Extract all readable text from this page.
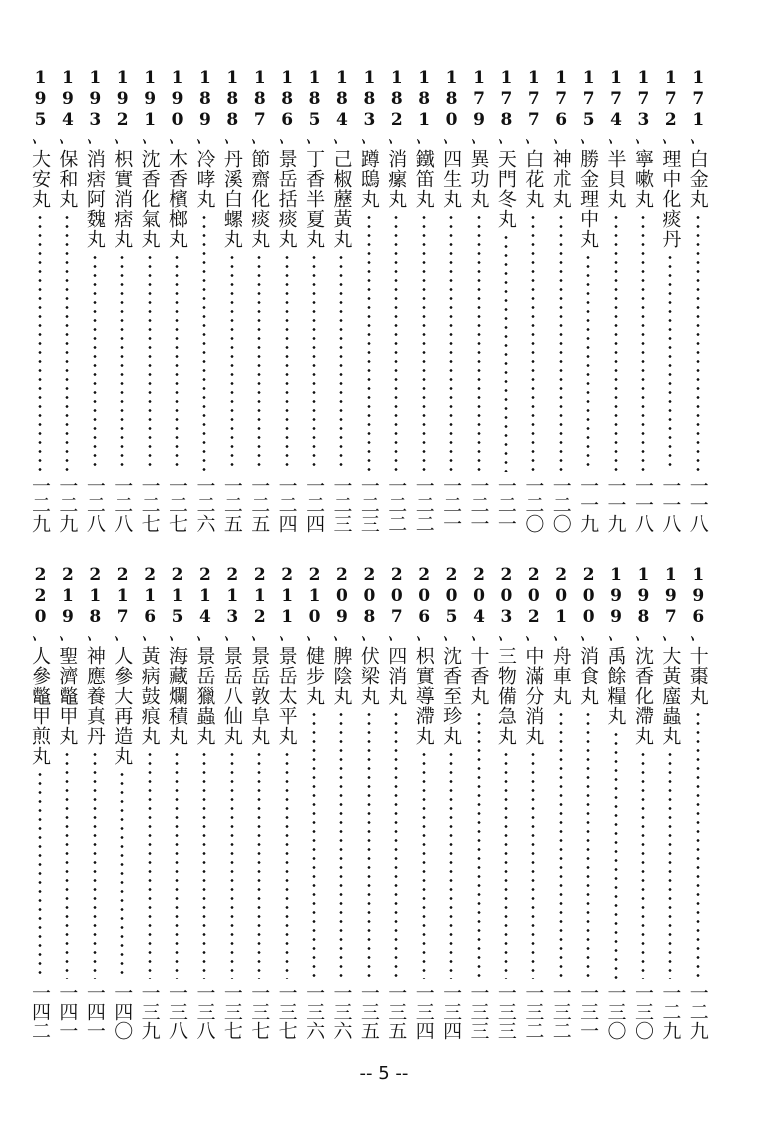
195
、
大安丸
一二九
194
、
保和丸
一二九
193
、
消痞阿魏丸
一二八
192
、
枳實消痞丸
一二八
191
、
沈香化氣丸
一二七
190
、
木香檳榔丸
一二七
189
、
冷哮丸
一二六
188
、
丹溪白螺丸
一二五
187
、
節齋化痰丸
一二五
186
、
景岳括痰丸
一二四
185
、
丁香半夏丸
一二四
184
、
己椒藶黃丸
一二三
183
、
蹲鴟丸
一二三
182
、
消瘰丸
一二二
181
、
鐵笛丸
一二二
180
、
四生丸
一二一
179
、
異功丸
一二一
178
、
天門冬丸
一二一
177
、
白花丸
一二〇
176
、
神朮丸
一二〇
175
、
勝金理中丸
一一九
174
、
半貝丸
一一九
173
、
寧嗽丸
一一八
172
、
理中化痰丹
一一八
171
、
白金丸
一一八
220
、
人參鼈甲煎丸
一四二
219
、
聖濟鼈甲丸
一四一
218
、
神應養真丹
一四一
217
、
人參大再造丸
一四〇
216
、
黃病鼓痕丸
一三九
215
、
海藏爛積丸
一三八
214
、
景岳獵蟲丸
一三八
213
、
景岳八仙丸
一三七
212
、
景岳敦阜丸
一三七
211
、
景岳太平丸
一三七
210
、
健步丸
一三六
209
、
脾陰丸
一三六
208
、
伏梁丸
一三五
207
、
四消丸
一三五
206
、
枳實導滯丸
一三四
205
、
沈香至珍丸
一三四
204
、
十香丸
一三三
203
、
三物備急丸
一三三
202
、
中滿分消丸
一三二
201
、
舟車丸
一三二
200
、
消食丸
一三一
199
、
禹餘糧丸
一三〇
198
、
沈香化滯丸
一三〇
197
、
大黃䗪蟲丸
一二九
196
、
十棗丸
一二九
-- 5 --
